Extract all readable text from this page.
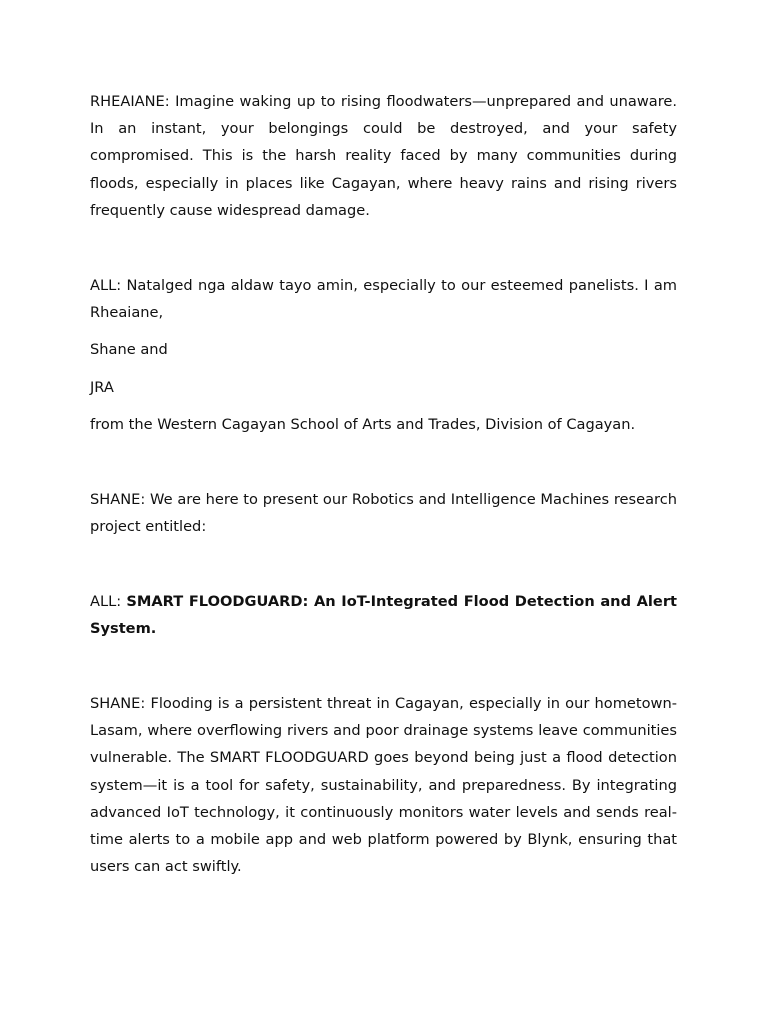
RHEAIANE: Imagine waking up to rising floodwaters—unprepared and unaware. In an instant, your belongings could be destroyed, and your safety compromised. This is the harsh reality faced by many communities during floods, especially in places like Cagayan, where heavy rains and rising rivers frequently cause widespread damage.

ALL: Natalged nga aldaw tayo amin, especially to our esteemed panelists. I am Rheaiane,

Shane and

JRA

from the Western Cagayan School of Arts and Trades, Division of Cagayan.

SHANE: We are here to present our Robotics and Intelligence Machines research project entitled:

ALL: SMART FLOODGUARD: An IoT-Integrated Flood Detection and Alert System.

SHANE: Flooding is a persistent threat in Cagayan, especially in our hometown- Lasam, where overflowing rivers and poor drainage systems leave communities vulnerable. The SMART FLOODGUARD goes beyond being just a flood detection system—it is a tool for safety, sustainability, and preparedness. By integrating advanced IoT technology, it continuously monitors water levels and sends real-time alerts to a mobile app and web platform powered by Blynk, ensuring that users can act swiftly.
